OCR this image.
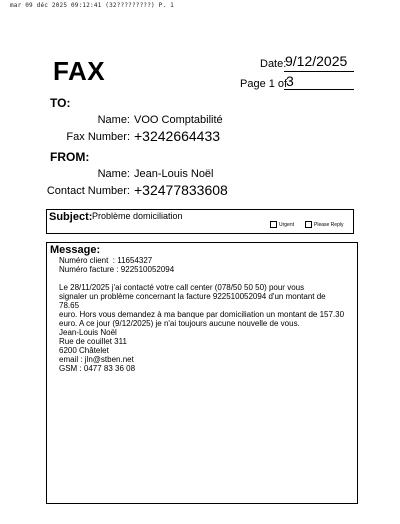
mar 09 déc 2025 09:12:41 (32?????????) P. 1
FAX	Date:
9/12/2025
Page 1 of
3
TO:
Name: VOO Comptabilité
Fax Number: +3242664433
FROM:
Name: Jean-Louis Noël
Contact Number: +32477833608
Subject: Problème domiciliation
Urgent	Please Reply
Message:
Numéro client  : 11654327
Numéro facture : 922510052094
Le 28/11/2025 j'ai contacté votre call center (078/50 50 50) pour vous
signaler un problème concernant la facture 922510052094 d'un montant de
78.65
euro. Hors vous demandez à ma banque par domiciliation un montant de 157.30
euro. A ce jour (9/12/2025) je n'ai toujours aucune nouvelle de vous.
Jean-Louis Noël
Rue de couillet 311
6200 Châtelet
email : jln@stben.net
GSM : 0477 83 36 08
